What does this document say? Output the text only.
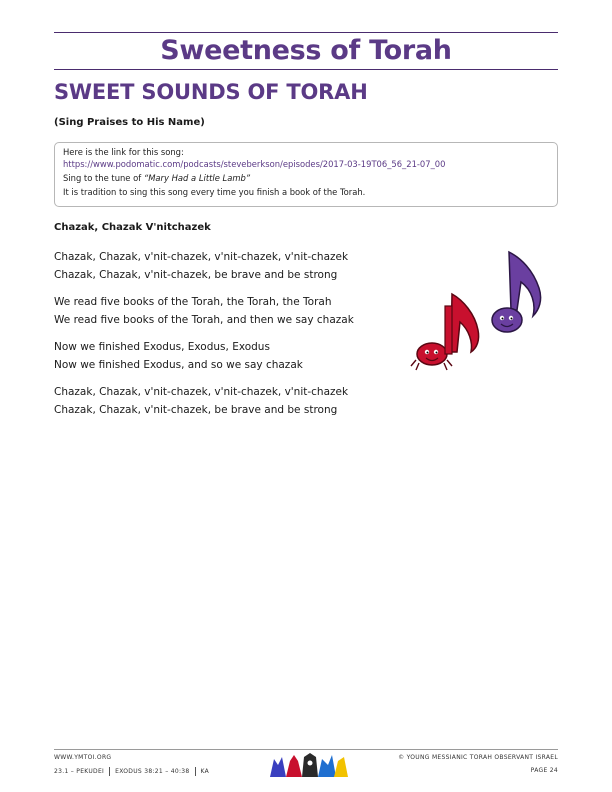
Sweetness of Torah
SWEET SOUNDS OF TORAH
(Sing Praises to His Name)
Here is the link for this song:
https://www.podomatic.com/podcasts/steveberkson/episodes/2017-03-19T06_56_21-07_00
Sing to the tune of “Mary Had a Little Lamb”
It is tradition to sing this song every time you finish a book of the Torah.
Chazak, Chazak V'nitchazek
Chazak, Chazak, v'nit-chazek, v'nit-chazek, v'nit-chazek
Chazak, Chazak, v'nit-chazek, be brave and be strong
We read five books of the Torah, the Torah, the Torah
We read five books of the Torah, and then we say chazak
Now we finished Exodus, Exodus, Exodus
Now we finished Exodus, and so we say chazak
Chazak, Chazak, v'nit-chazek, v'nit-chazek, v'nit-chazek
Chazak, Chazak, v'nit-chazek, be brave and be strong
WWW.YMTOI.ORG
23.1 – PEKUDEI EXODUS 38:21 – 40:38 KA
© YOUNG MESSIANIC TORAH OBSERVANT ISRAEL
PAGE 24
